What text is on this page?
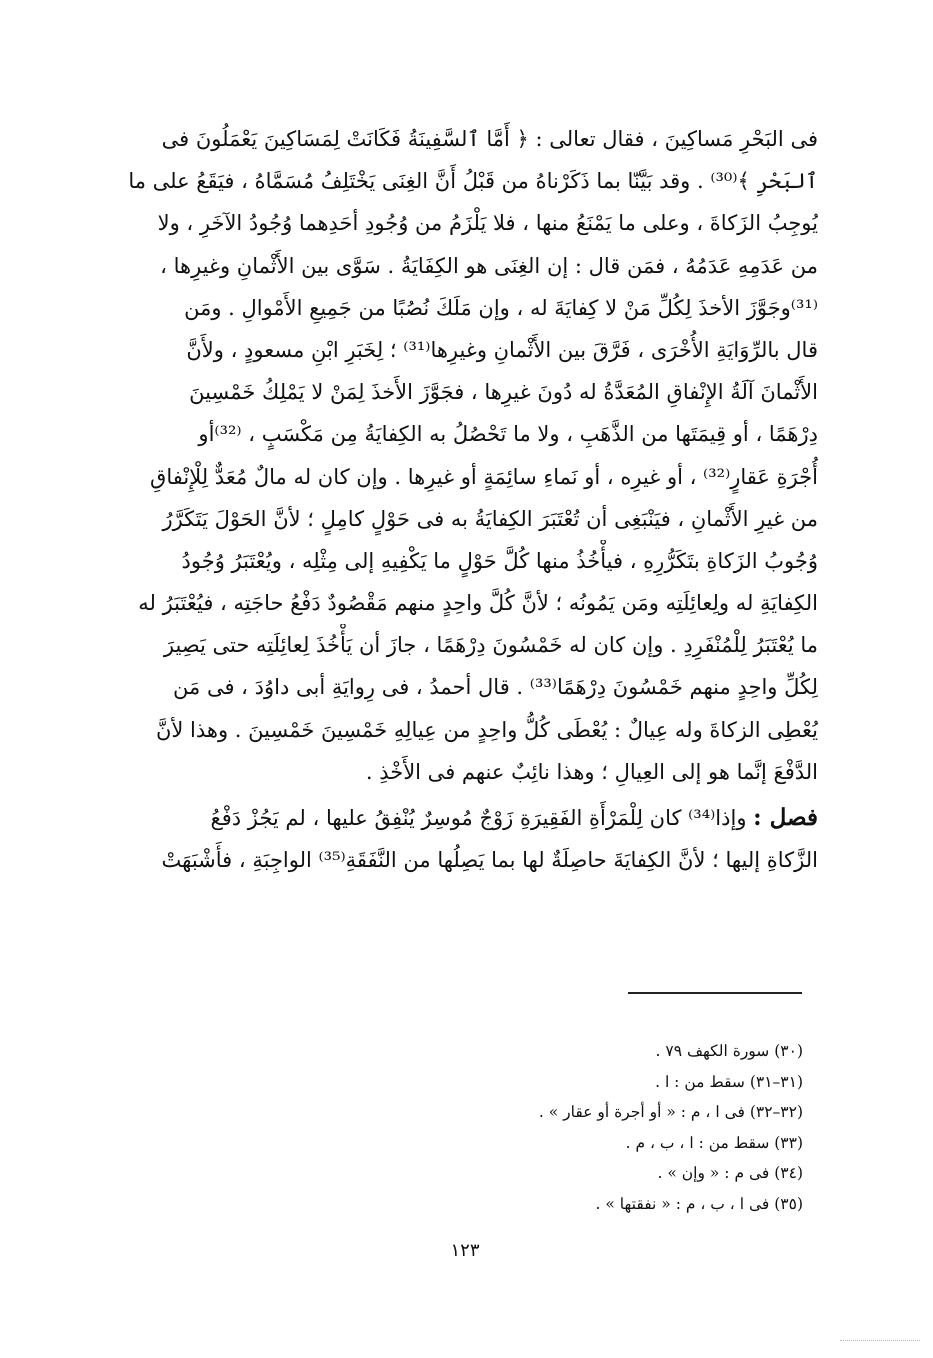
فى البَحْرِ مَساكِينَ ، فقال تعالى : ﴿ أَمَّا ٱلسَّفِينَةُ فَكَانَتْ لِمَسَاكِينَ يَعْمَلُونَ فى
ٱلبَحْرِ ﴾⁽³⁰⁾ . وقد بَيَّنّا بما ذَكَرْناهُ من قَبْلُ أَنَّ الغِنَى يَخْتَلِفُ مُسَمَّاهُ ، فيَقَعُ على ما
يُوجِبُ الزَكاةَ ، وعلى ما يَمْنَعُ منها ، فلا يَلْزَمُ من وُجُودِ أحَدِهما وُجُودُ الآخَرِ ، ولا
من عَدَمِهِ عَدَمُهُ ، فمَن قال : إن الغِنَى هو الكِفَايَةُ . سَوَّى بين الأَثْمانِ وغيرِها ،
⁽³¹⁾وجَوَّزَ الأخذَ لِكُلِّ مَنْ لا كِفايَةَ له ، وإن مَلَكَ نُصُبًا من جَمِيعِ الأَمْوالِ . ومَن
قال بالرِّوَايَةِ الأُخْرَى ، فَرَّقَ بين الأَثْمانِ وغيرِها⁽³¹⁾ ؛ لِخَبَرِ ابْنِ مسعودٍ ، ولأَنَّ
الأَثْمانَ آلَةُ الإِنْفاقِ المُعَدَّةُ له دُونَ غيرِها ، فجَوَّزَ الأَخذَ لِمَنْ لا يَمْلِكُ خَمْسِينَ
دِرْهَمًا ، أو قِيمَتَها من الذَّهَبِ ، ولا ما تَحْصُلُ به الكِفايَةُ مِن مَكْسَبٍ ، ⁽³²⁾أو
أُجْرَةِ عَقارٍ⁽³²⁾ ، أو غيرِه ، أو نَماءِ سائِمَةٍ أو غيرِها . وإن كان له مالٌ مُعَدٌّ لِلْإِنْفاقِ
من غيرِ الأَثْمانِ ، فيَنْبَغِى أن تُعْتَبَرَ الكِفايَةُ به فى حَوْلٍ كامِلٍ ؛ لأنَّ الحَوْلَ يَتَكَرَّرُ
وُجُوبُ الزَكاةِ بتَكَرُّرِهِ ، فيأْخُذُ منها كُلَّ حَوْلٍ ما يَكْفِيهِ إلى مِثْلِه ، ويُعْتَبَرُ وُجُودُ
الكِفايَةِ له ولِعائِلَتِه ومَن يَمُونُه ؛ لأنَّ كُلَّ واحِدٍ منهم مَقْصُودٌ دَفْعُ حاجَتِه ، فيُعْتَبَرُ له
ما يُعْتَبَرُ لِلْمُنْفَرِدِ . وإن كان له خَمْسُونَ دِرْهَمًا ، جازَ أن يَأْخُذَ لِعائِلَتِه حتى يَصِيرَ
لِكُلِّ واحِدٍ منهم خَمْسُونَ دِرْهَمًا⁽³³⁾ . قال أحمدُ ، فى رِوايَةِ أبى داوُدَ ، فى مَن
يُعْطِى الزكاةَ وله عِيالٌ : يُعْطَى كُلُّ واحِدٍ من عِيالِهِ خَمْسِينَ خَمْسِينَ . وهذا لأنَّ
الدَّفْعَ إنَّما هو إلى العِيالِ ؛ وهذا نائِبٌ عنهم فى الأَخْذِ .
فصل : وإذا⁽³⁴⁾ كان لِلْمَرْأَةِ الفَقِيرَةِ زَوْجٌ مُوسِرٌ يُنْفِقُ عليها ، لم يَجُزْ دَفْعُ
الزَّكاةِ إليها ؛ لأنَّ الكِفايَةَ حاصِلَةٌ لها بما يَصِلُها من النَّفَقَةِ⁽³⁵⁾ الواجِبَةِ ، فأَشْبَهَتْ
(٣٠) سورة الكهف ٧٩ .
(٣١–٣١) سقط من : ا .
(٣٢–٣٢) فى ا ، م : « أو أجرة أو عقار » .
(٣٣) سقط من : ا ، ب ، م .
(٣٤) فى م : « وإن » .
(٣٥) فى ا ، ب ، م : « نفقتها » .
١٢٣
